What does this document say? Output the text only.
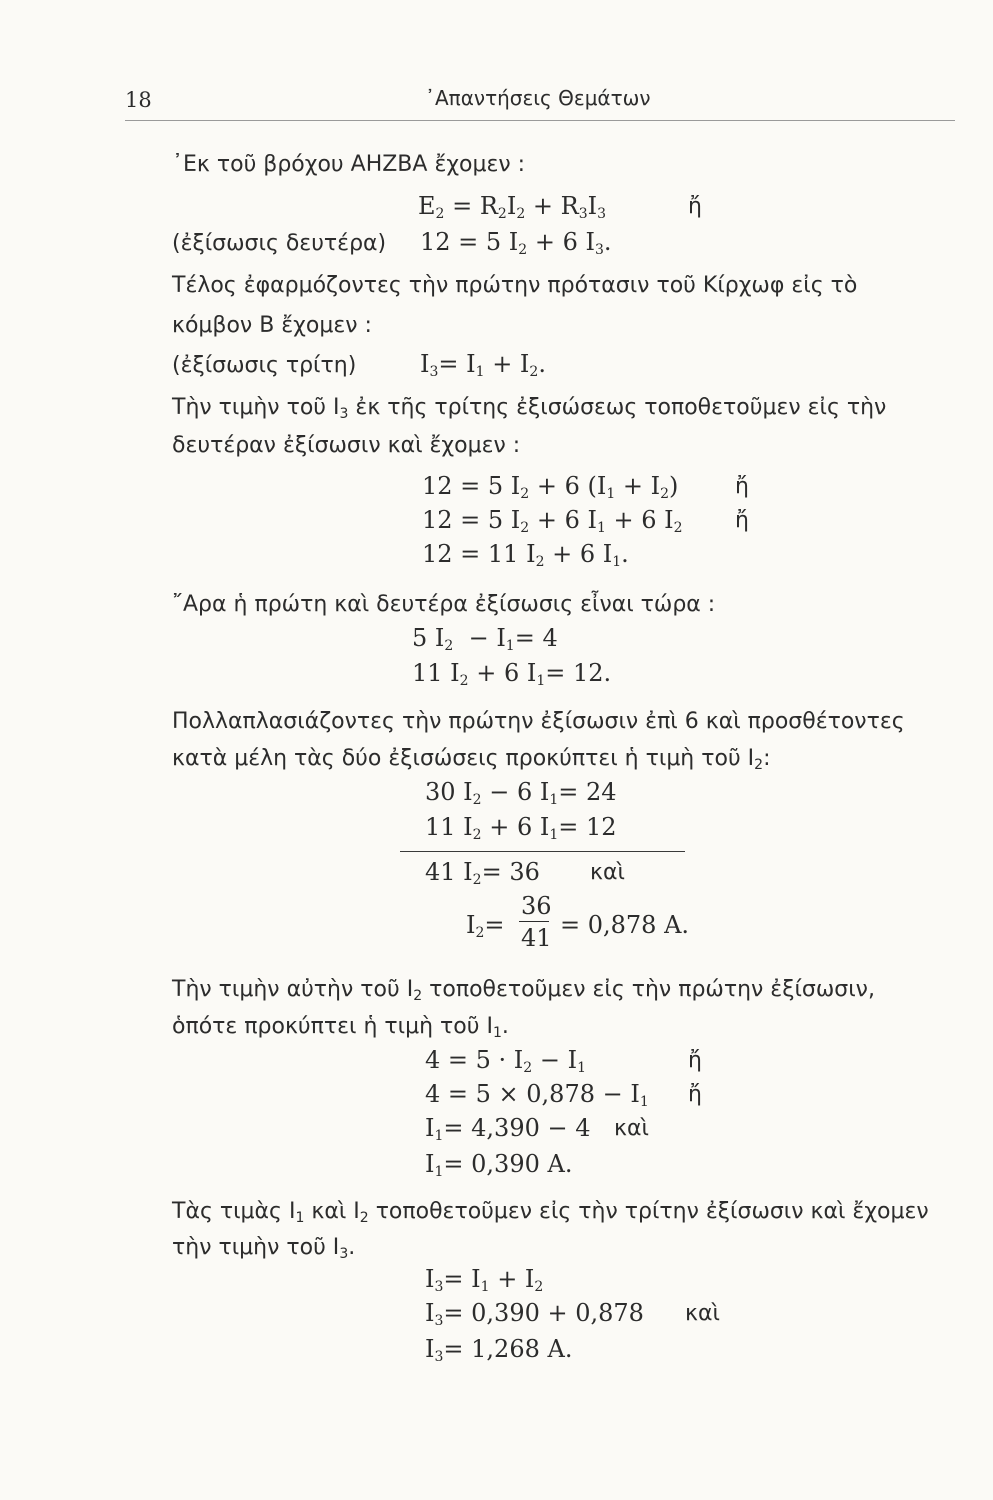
18	᾿Απαντήσεις Θεμάτων
᾿Εκ τοῦ βρόχου ΑΗΖΒΑ ἔχομεν :
$E_2 = R_2I_2 + R_3I_3$	ἤ
(ἐξίσωσις δευτέρα) 12 = 5 $I_2 + 6$ $I_3$.
Τέλος ἐφαρμόζοντες τὴν πρώτην πρότασιν τοῦ Κίρχωφ εἰς τὸ
κόμβον Β ἔχομεν :
(ἐξίσωσις τρίτη)	$I_3= I_1 + I_2$.
Τὴν τιμὴν τοῦ $I_3$ ἐκ τῆς τρίτης ἐξισώσεως τοποθετοῦμεν εἰς τὴν
δευτέραν ἐξίσωσιν καὶ ἔχομεν :
12 = 5 $I_2 + 6$ $(I_1 + I_2)$	ἤ
12 = 5 $I_2 + 6$ $I_1 + 6$ $I_2$ ἤ
12 = 11 $I_2 + 6$ $I_1$.
῎Αρα ἡ πρώτη καὶ δευτέρα ἐξίσωσις εἶναι τώρα :
5 $I_2 - I_1= 4$
11 $I_2 + 6$ $I_1= 12$.
Πολλαπλασιάζοντες τὴν πρώτην ἐξίσωσιν ἐπὶ 6 καὶ προσθέτοντες
κατὰ μέλη τὰς δύο ἐξισώσεις προκύπτει ἡ τιμὴ τοῦ $I_2$:
30 $I_2 - 6$ $I_1= 24$
11 $I_2 + 6$ $I_1= 12$
41 $I_2= 36$ καὶ
$I_2=$
36
41 = 0,878 A.
Τὴν τιμὴν αὐτὴν τοῦ $I_2$ τοποθετοῦμεν εἰς τὴν πρώτην ἐξίσωσιν,
ὁπότε προκύπτει ἡ τιμὴ τοῦ $I_1$.
$4 = 5 \cdot I_2 - I_1$	ἤ
$4 = 5 \times 0,878 - I_1$ ἤ
$I_1= 4,390 - 4$ καὶ
$I_1= 0,390$ A.
Τὰς τιμὰς $I_1$ καὶ $I_2$ τοποθετοῦμεν εἰς τὴν τρίτην ἐξίσωσιν καὶ ἔχομεν
τὴν τιμὴν τοῦ $I_3$.
$I_3= I_1 + I_2$
$I_3= 0,390 + 0,878$ καὶ
$I_3= 1,268$ A.
